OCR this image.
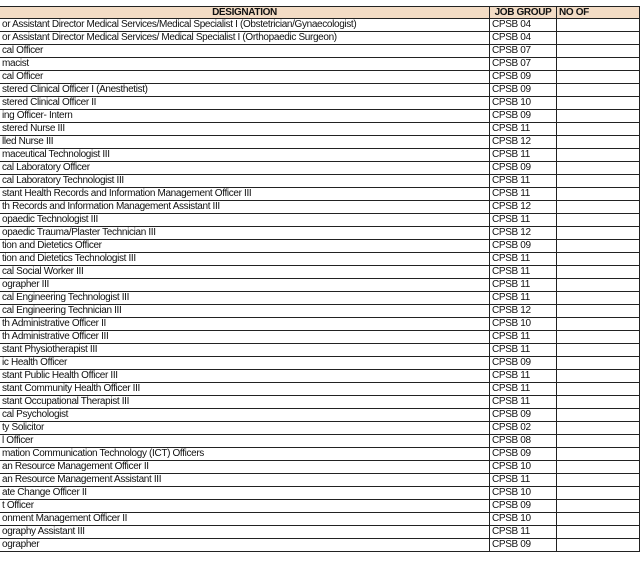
DESIGNATION	JOB GROUP	NO OF
or Assistant Director Medical Services/Medical Specialist I (Obstetrician/Gynaecologist)	CPSB 04	
or Assistant Director Medical Services/ Medical Specialist I (Orthopaedic Surgeon)	CPSB 04	
cal Officer	CPSB 07	
macist	CPSB 07	
cal Officer	CPSB 09	
stered Clinical Officer I (Anesthetist)	CPSB 09	
stered Clinical Officer II	CPSB 10	
ing Officer- Intern	CPSB 09	
stered Nurse III	CPSB 11	
lled Nurse III	CPSB 12	
maceutical Technologist III	CPSB 11	
cal Laboratory Officer	CPSB 09	
cal Laboratory Technologist III	CPSB 11	
stant Health Records and Information Management Officer III	CPSB 11	
th Records and Information Management Assistant III	CPSB 12	
opaedic Technologist III	CPSB 11	
opaedic Trauma/Plaster Technician III	CPSB 12	
tion and Dietetics Officer	CPSB 09	
tion and Dietetics Technologist III	CPSB 11	
cal Social Worker III	CPSB 11	
ographer III	CPSB 11	
cal Engineering Technologist III	CPSB 11	
cal Engineering Technician III	CPSB 12	
th Administrative Officer II	CPSB 10	
th Administrative Officer III	CPSB 11	
stant Physiotherapist III	CPSB 11	
ic Health Officer	CPSB 09	
stant Public Health Officer III	CPSB 11	
stant Community Health Officer III	CPSB 11	
stant Occupational Therapist III	CPSB 11	
cal Psychologist	CPSB 09	
ty Solicitor	CPSB 02	
l Officer	CPSB 08	
mation Communication Technology (ICT) Officers	CPSB 09	
an Resource Management Officer II	CPSB 10	
an Resource Management Assistant III	CPSB 11	
ate Change Officer II	CPSB 10	
t Officer	CPSB 09	
onment Management Officer II	CPSB 10	
ography Assistant III	CPSB 11	
ographer	CPSB 09	
